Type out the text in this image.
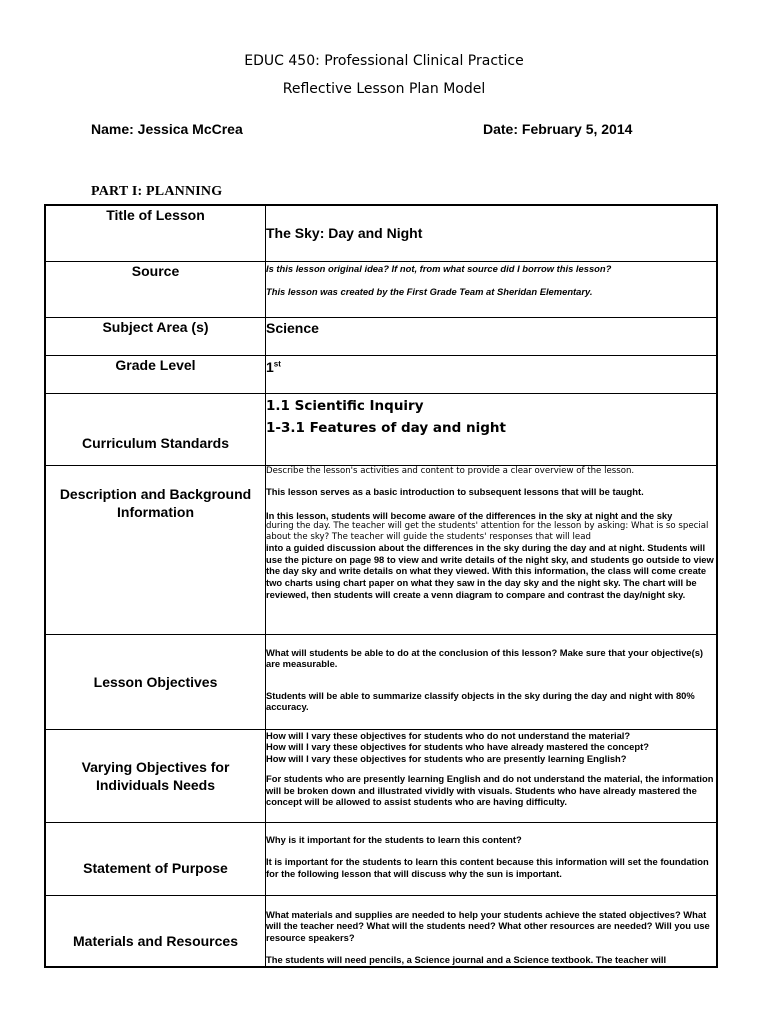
EDUC 450: Professional Clinical Practice
Reflective Lesson Plan Model
Name: Jessica McCrea	Date: February 5, 2014
PART I: PLANNING
Title of Lesson	The Sky: Day and Night

Source	Is this lesson original idea? If not, from what source did I borrow this lesson?

This lesson was created by the First Grade Team at Sheridan Elementary.

Subject Area (s)	Science

Grade Level	1st

Curriculum Standards	1.1 Scientific Inquiry
1-3.1 Features of day and night

Description and Background Information	Describe the lesson's activities and content to provide a clear overview of the lesson.

This lesson serves as a basic introduction to subsequent lessons that will be taught.

In this lesson, students will become aware of the differences in the sky at night and the sky

during the day. The teacher will get the students' attention for the lesson by asking: What is so special about the sky? The teacher will guide the students' responses that will lead

into a guided discussion about the differences in the sky during the day and at night. Students will use the picture on page 98 to view and write details of the night sky, and students go outside to view the day sky and write details on what they viewed. With this information, the class will come create two charts using chart paper on what they saw in the day sky and the night sky. The chart will be reviewed, then students will create a venn diagram to compare and contrast the day/night sky.

Lesson Objectives	What will students be able to do at the conclusion of this lesson? Make sure that your objective(s) are measurable.

Students will be able to summarize classify objects in the sky during the day and night with 80% accuracy.

Varying Objectives for Individuals Needs	How will I vary these objectives for students who do not understand the material?

How will I vary these objectives for students who have already mastered the concept?

How will I vary these objectives for students who are presently learning English?

For students who are presently learning English and do not understand the material, the information will be broken down and illustrated vividly with visuals. Students who have already mastered the concept will be allowed to assist students who are having difficulty.

Statement of Purpose	Why is it important for the students to learn this content?

It is important for the students to learn this content because this information will set the foundation for the following lesson that will discuss why the sun is important.

Materials and Resources	What materials and supplies are needed to help your students achieve the stated objectives? What will the teacher need? What will the students need? What other resources are needed? Will you use resource speakers?

The students will need pencils, a Science journal and a Science textbook. The teacher will
